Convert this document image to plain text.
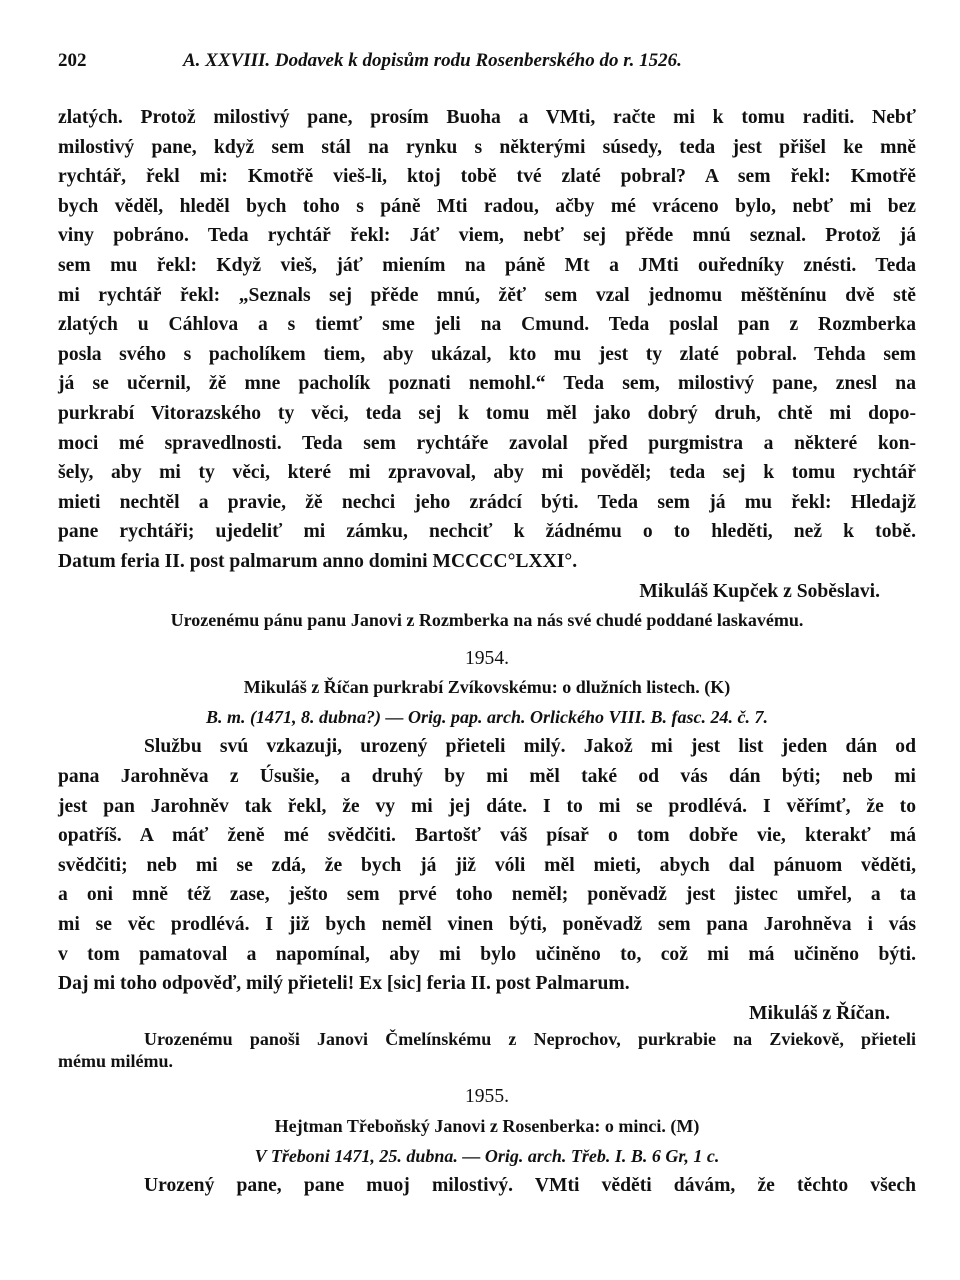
202	A. XXVIII. Dodavek k dopisům rodu Rosenberského do r. 1526.
zlatých. Protož milostivý pane, prosím Buoha a VMti, račte mi k tomu raditi. Nebť
milostivý pane, když sem stál na rynku s některými súsedy, teda jest přišel ke mně
rychtář, řekl mi: Kmotřě vieš-li, ktoj tobě tvé zlaté pobral? A sem řekl: Kmotřě
bych věděl, hleděl bych toho s páně Mti radou, ačby mé vráceno bylo, nebť mi bez
viny pobráno. Teda rychtář řekl: Jáť viem, nebť sej přěde mnú seznal. Protož já
sem mu řekl: Když vieš, jáť miením na páně Mt a JMti ouředníky znésti. Teda
mi rychtář řekl: „Seznals sej přěde mnú, žěť sem vzal jednomu měštěnínu dvě stě
zlatých u Cáhlova a s tiemť sme jeli na Cmund. Teda poslal pan z Rozmberka
posla svého s pacholíkem tiem, aby ukázal, kto mu jest ty zlaté pobral. Tehda sem
já se učernil, žě mne pacholík poznati nemohl.“ Teda sem, milostivý pane, znesl na
purkrabí Vitorazského ty věci, teda sej k tomu měl jako dobrý druh, chtě mi dopo-
moci mé spravedlnosti. Teda sem rychtáře zavolal před purgmistra a některé kon-
šely, aby mi ty věci, které mi zpravoval, aby mi pověděl; teda sej k tomu rychtář
mieti nechtěl a pravie, žě nechci jeho zrádcí býti. Teda sem já mu řekl: Hledajž
pane rychtáři; ujedeliť mi zámku, nechciť k žádnému o to hleděti, než k tobě.
Datum feria II. post palmarum anno domini MCCCC°LXXI°.
Mikuláš Kupček z Soběslavi.
Urozenému pánu panu Janovi z Rozmberka na nás své chudé poddané laskavému.
1954.
Mikuláš z Říčan purkrabí Zvíkovskému: o dlužních listech. (K)
B. m. (1471, 8. dubna?) — Orig. pap. arch. Orlického VIII. B. fasc. 24. č. 7.
Službu svú vzkazuji, urozený přieteli milý. Jakož mi jest list jeden dán od
pana Jarohněva z Úsušie, a druhý by mi měl také od vás dán býti; neb mi
jest pan Jarohněv tak řekl, že vy mi jej dáte. I to mi se prodlévá. I věřímť, že to
opatříš. A máť ženě mé svědčiti. Bartošť váš písař o tom dobře vie, kterakť má
svědčiti; neb mi se zdá, že bych já již vóli měl mieti, abych dal pánuom věděti,
a oni mně též zase, ješto sem prvé toho neměl; poněvadž jest jistec umřel, a ta
mi se věc prodlévá. I již bych neměl vinen býti, poněvadž sem pana Jarohněva i vás
v tom pamatoval a napomínal, aby mi bylo učiněno to, což mi má učiněno býti.
Daj mi toho odpověď, milý přieteli! Ex [sic] feria II. post Palmarum.
Mikuláš z Říčan.
Urozenému panoši Janovi Čmelínskému z Neprochov, purkrabie na Zviekově, přieteli
mému milému.
1955.
Hejtman Třeboňský Janovi z Rosenberka: o minci. (M)
V Třeboni 1471, 25. dubna. — Orig. arch. Třeb. I. B. 6 Gr, 1 c.
Urozený pane, pane muoj milostivý. VMti věděti dávám, že těchto všech
